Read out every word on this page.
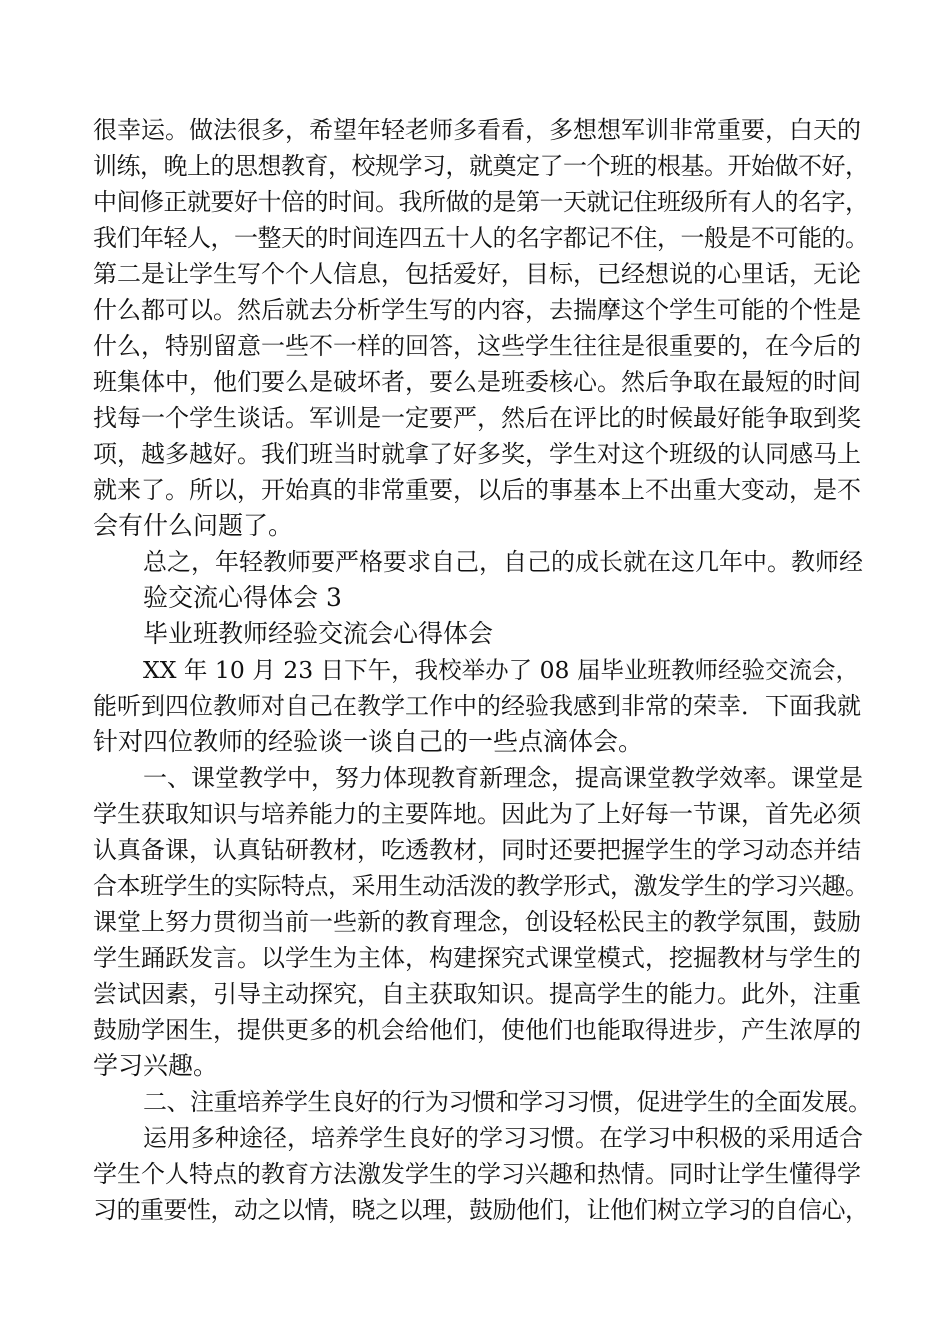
很幸运。做法很多，希望年轻老师多看看，多想想军训非常重要，白天的
训练，晚上的思想教育，校规学习，就奠定了一个班的根基。开始做不好，
中间修正就要好十倍的时间。我所做的是第一天就记住班级所有人的名字，
我们年轻人，一整天的时间连四五十人的名字都记不住，一般是不可能的。
第二是让学生写个个人信息，包括爱好，目标，已经想说的心里话，无论
什么都可以。然后就去分析学生写的内容，去揣摩这个学生可能的个性是
什么，特别留意一些不一样的回答，这些学生往往是很重要的，在今后的
班集体中，他们要么是破坏者，要么是班委核心。然后争取在最短的时间
找每一个学生谈话。军训是一定要严，然后在评比的时候最好能争取到奖
项，越多越好。我们班当时就拿了好多奖，学生对这个班级的认同感马上
就来了。所以，开始真的非常重要，以后的事基本上不出重大变动，是不
会有什么问题了。
总之，年轻教师要严格要求自己，自己的成长就在这几年中。教师经
验交流心得体会 3
毕业班教师经验交流会心得体会
XX 年 10 月 23 日下午，我校举办了 08 届毕业班教师经验交流会，
能听到四位教师对自己在教学工作中的经验我感到非常的荣幸．下面我就
针对四位教师的经验谈一谈自己的一些点滴体会。
一、课堂教学中，努力体现教育新理念，提高课堂教学效率。课堂是
学生获取知识与培养能力的主要阵地。因此为了上好每一节课，首先必须
认真备课，认真钻研教材，吃透教材，同时还要把握学生的学习动态并结
合本班学生的实际特点，采用生动活泼的教学形式，激发学生的学习兴趣。
课堂上努力贯彻当前一些新的教育理念，创设轻松民主的教学氛围，鼓励
学生踊跃发言。以学生为主体，构建探究式课堂模式，挖掘教材与学生的
尝试因素，引导主动探究，自主获取知识。提高学生的能力。此外，注重
鼓励学困生，提供更多的机会给他们，使他们也能取得进步，产生浓厚的
学习兴趣。
二、注重培养学生良好的行为习惯和学习习惯，促进学生的全面发展。
运用多种途径，培养学生良好的学习习惯。在学习中积极的采用适合
学生个人特点的教育方法激发学生的学习兴趣和热情。同时让学生懂得学
习的重要性，动之以情，晓之以理，鼓励他们，让他们树立学习的自信心，
